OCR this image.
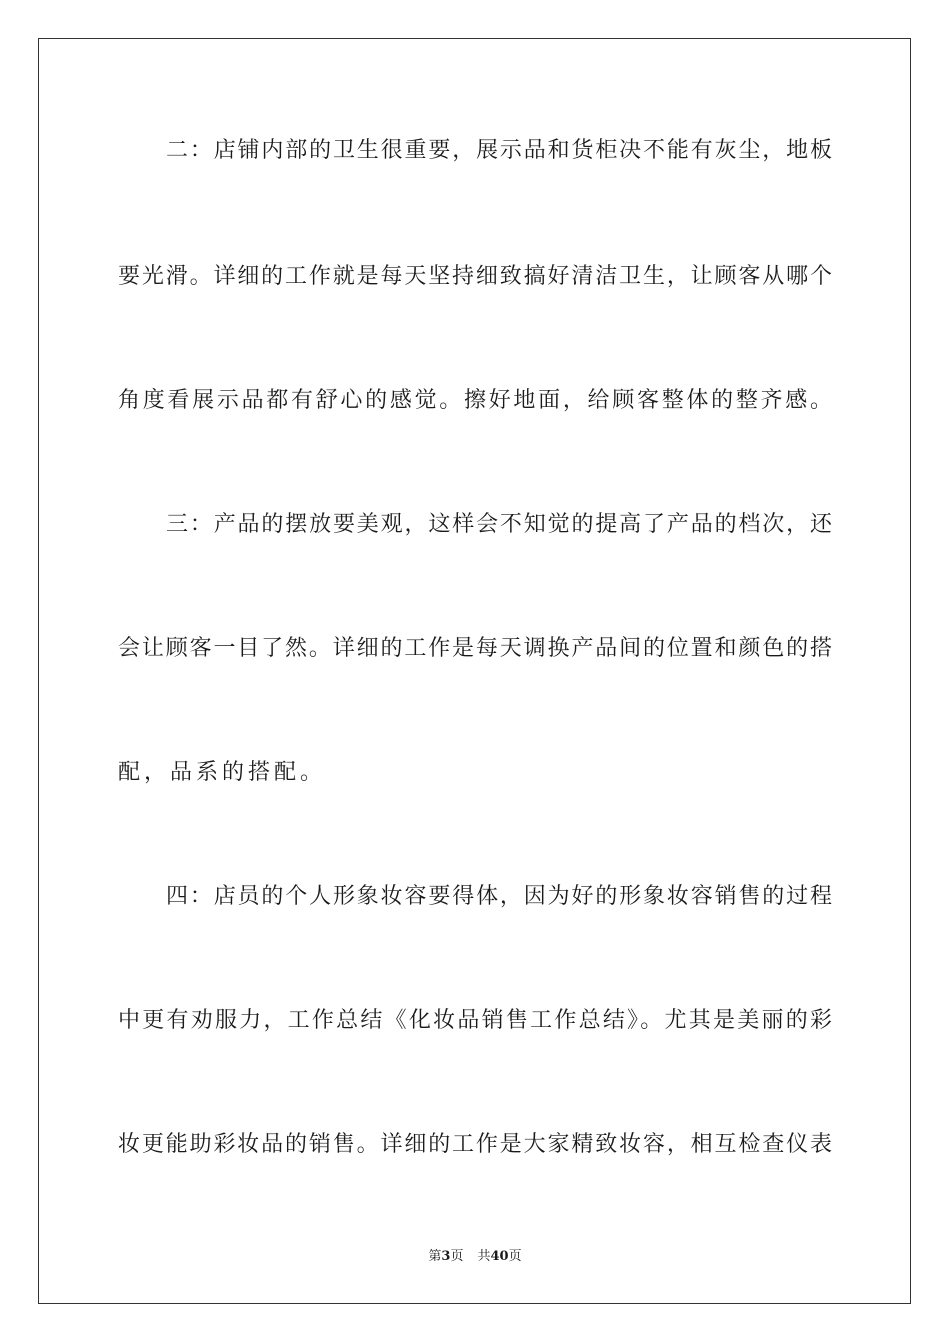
二：店铺内部的卫生很重要，展示品和货柜决不能有灰尘，地板
要光滑。详细的工作就是每天坚持细致搞好清洁卫生，让顾客从哪个
角度看展示品都有舒心的感觉。擦好地面，给顾客整体的整齐感。
三：产品的摆放要美观，这样会不知觉的提高了产品的档次，还
会让顾客一目了然。详细的工作是每天调换产品间的位置和颜色的搭
配，品系的搭配。
四：店员的个人形象妆容要得体，因为好的形象妆容销售的过程
中更有劝服力，工作总结《化妆品销售工作总结》。尤其是美丽的彩
妆更能助彩妆品的销售。详细的工作是大家精致妆容，相互检查仪表
第3页 共40页
